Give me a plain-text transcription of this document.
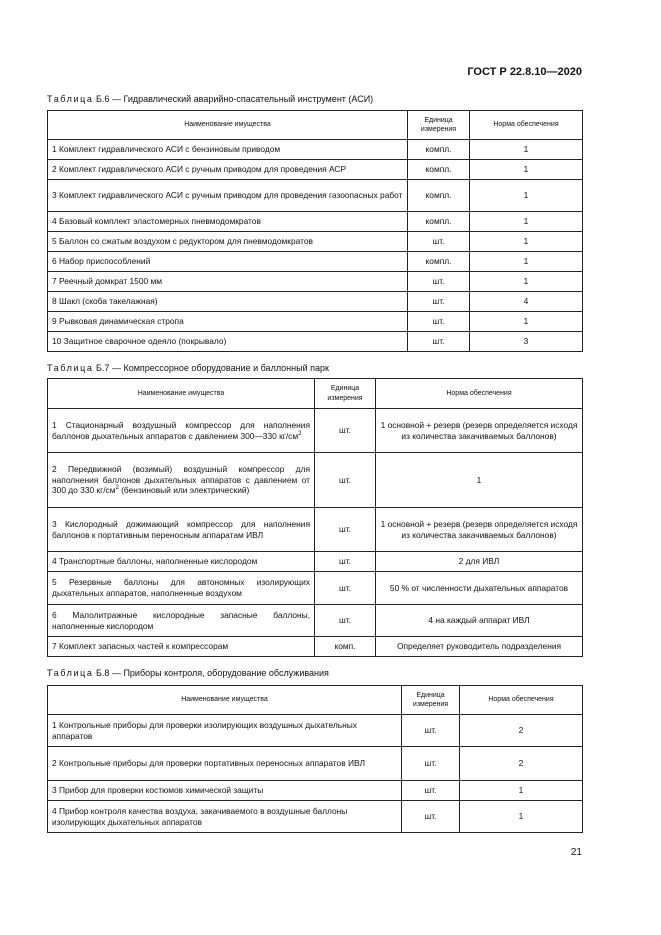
ГОСТ Р 22.8.10—2020
Таблица Б.6 — Гидравлический аварийно-спасательный инструмент (АСИ)
Наименование имущества	Единица измерения	Норма обеспечения
1 Комплект гидравлического АСИ с бензиновым приводом	компл.	1
2 Комплект гидравлического АСИ с ручным приводом для проведения АСР	компл.	1
3 Комплект гидравлического АСИ с ручным приводом для проведения газоопасных работ	компл.	1
4 Базовый комплект эластомерных пневмодомкратов	компл.	1
5 Баллон со сжатым воздухом с редуктором для пневмодомкратов	шт.	1
6 Набор приспособлений	компл.	1
7 Реечный домкрат 1500 мм	шт.	1
8 Шакл (скоба такелажная)	шт.	4
9 Рывковая динамическая стропа	шт.	1
10 Защитное сварочное одеяло (покрывало)	шт.	3
Таблица Б.7 — Компрессорное оборудование и баллонный парк
Наименование имущества	Единица измерения	Норма обеспечения
1 Стационарный воздушный компрессор для наполнения баллонов дыхательных аппаратов с давлением 300—330 $кг/см^2$	шт.	1 основной + резерв (резерв определяется исходя из количества закачиваемых баллонов)
2 Передвижной (возимый) воздушный компрессор для наполнения баллонов дыхательных аппаратов с давлением от 300 до 330 $кг/см^2$ (бензиновый или электрический)	шт.	1
3 Кислородный дожимающий компрессор для наполнения баллонов к портативным переносным аппаратам ИВЛ	шт.	1 основной + резерв (резерв определяется исходя из количества закачиваемых баллонов)
4 Транспортные баллоны, наполненные кислородом	шт.	2 для ИВЛ
5 Резервные баллоны для автономных изолирующих дыхательных аппаратов, наполненные воздухом	шт.	50 % от численности дыхательных аппаратов
6 Малолитражные кислородные запасные баллоны, наполненные кислородом	шт.	4 на каждый аппарат ИВЛ
7 Комплект запасных частей к компрессорам	комп.	Определяет руководитель подразделения
Таблица Б.8 — Приборы контроля, оборудование обслуживания
Наименование имущества	Единица измерения	Норма обеспечения
1 Контрольные приборы для проверки изолирующих воздушных дыхательных аппаратов	шт.	2
2 Контрольные приборы для проверки портативных переносных аппаратов ИВЛ	шт.	2
3 Прибор для проверки костюмов химической защиты	шт.	1
4 Прибор контроля качества воздуха, закачиваемого в воздушные баллоны изолирующих дыхательных аппаратов	шт.	1
21
